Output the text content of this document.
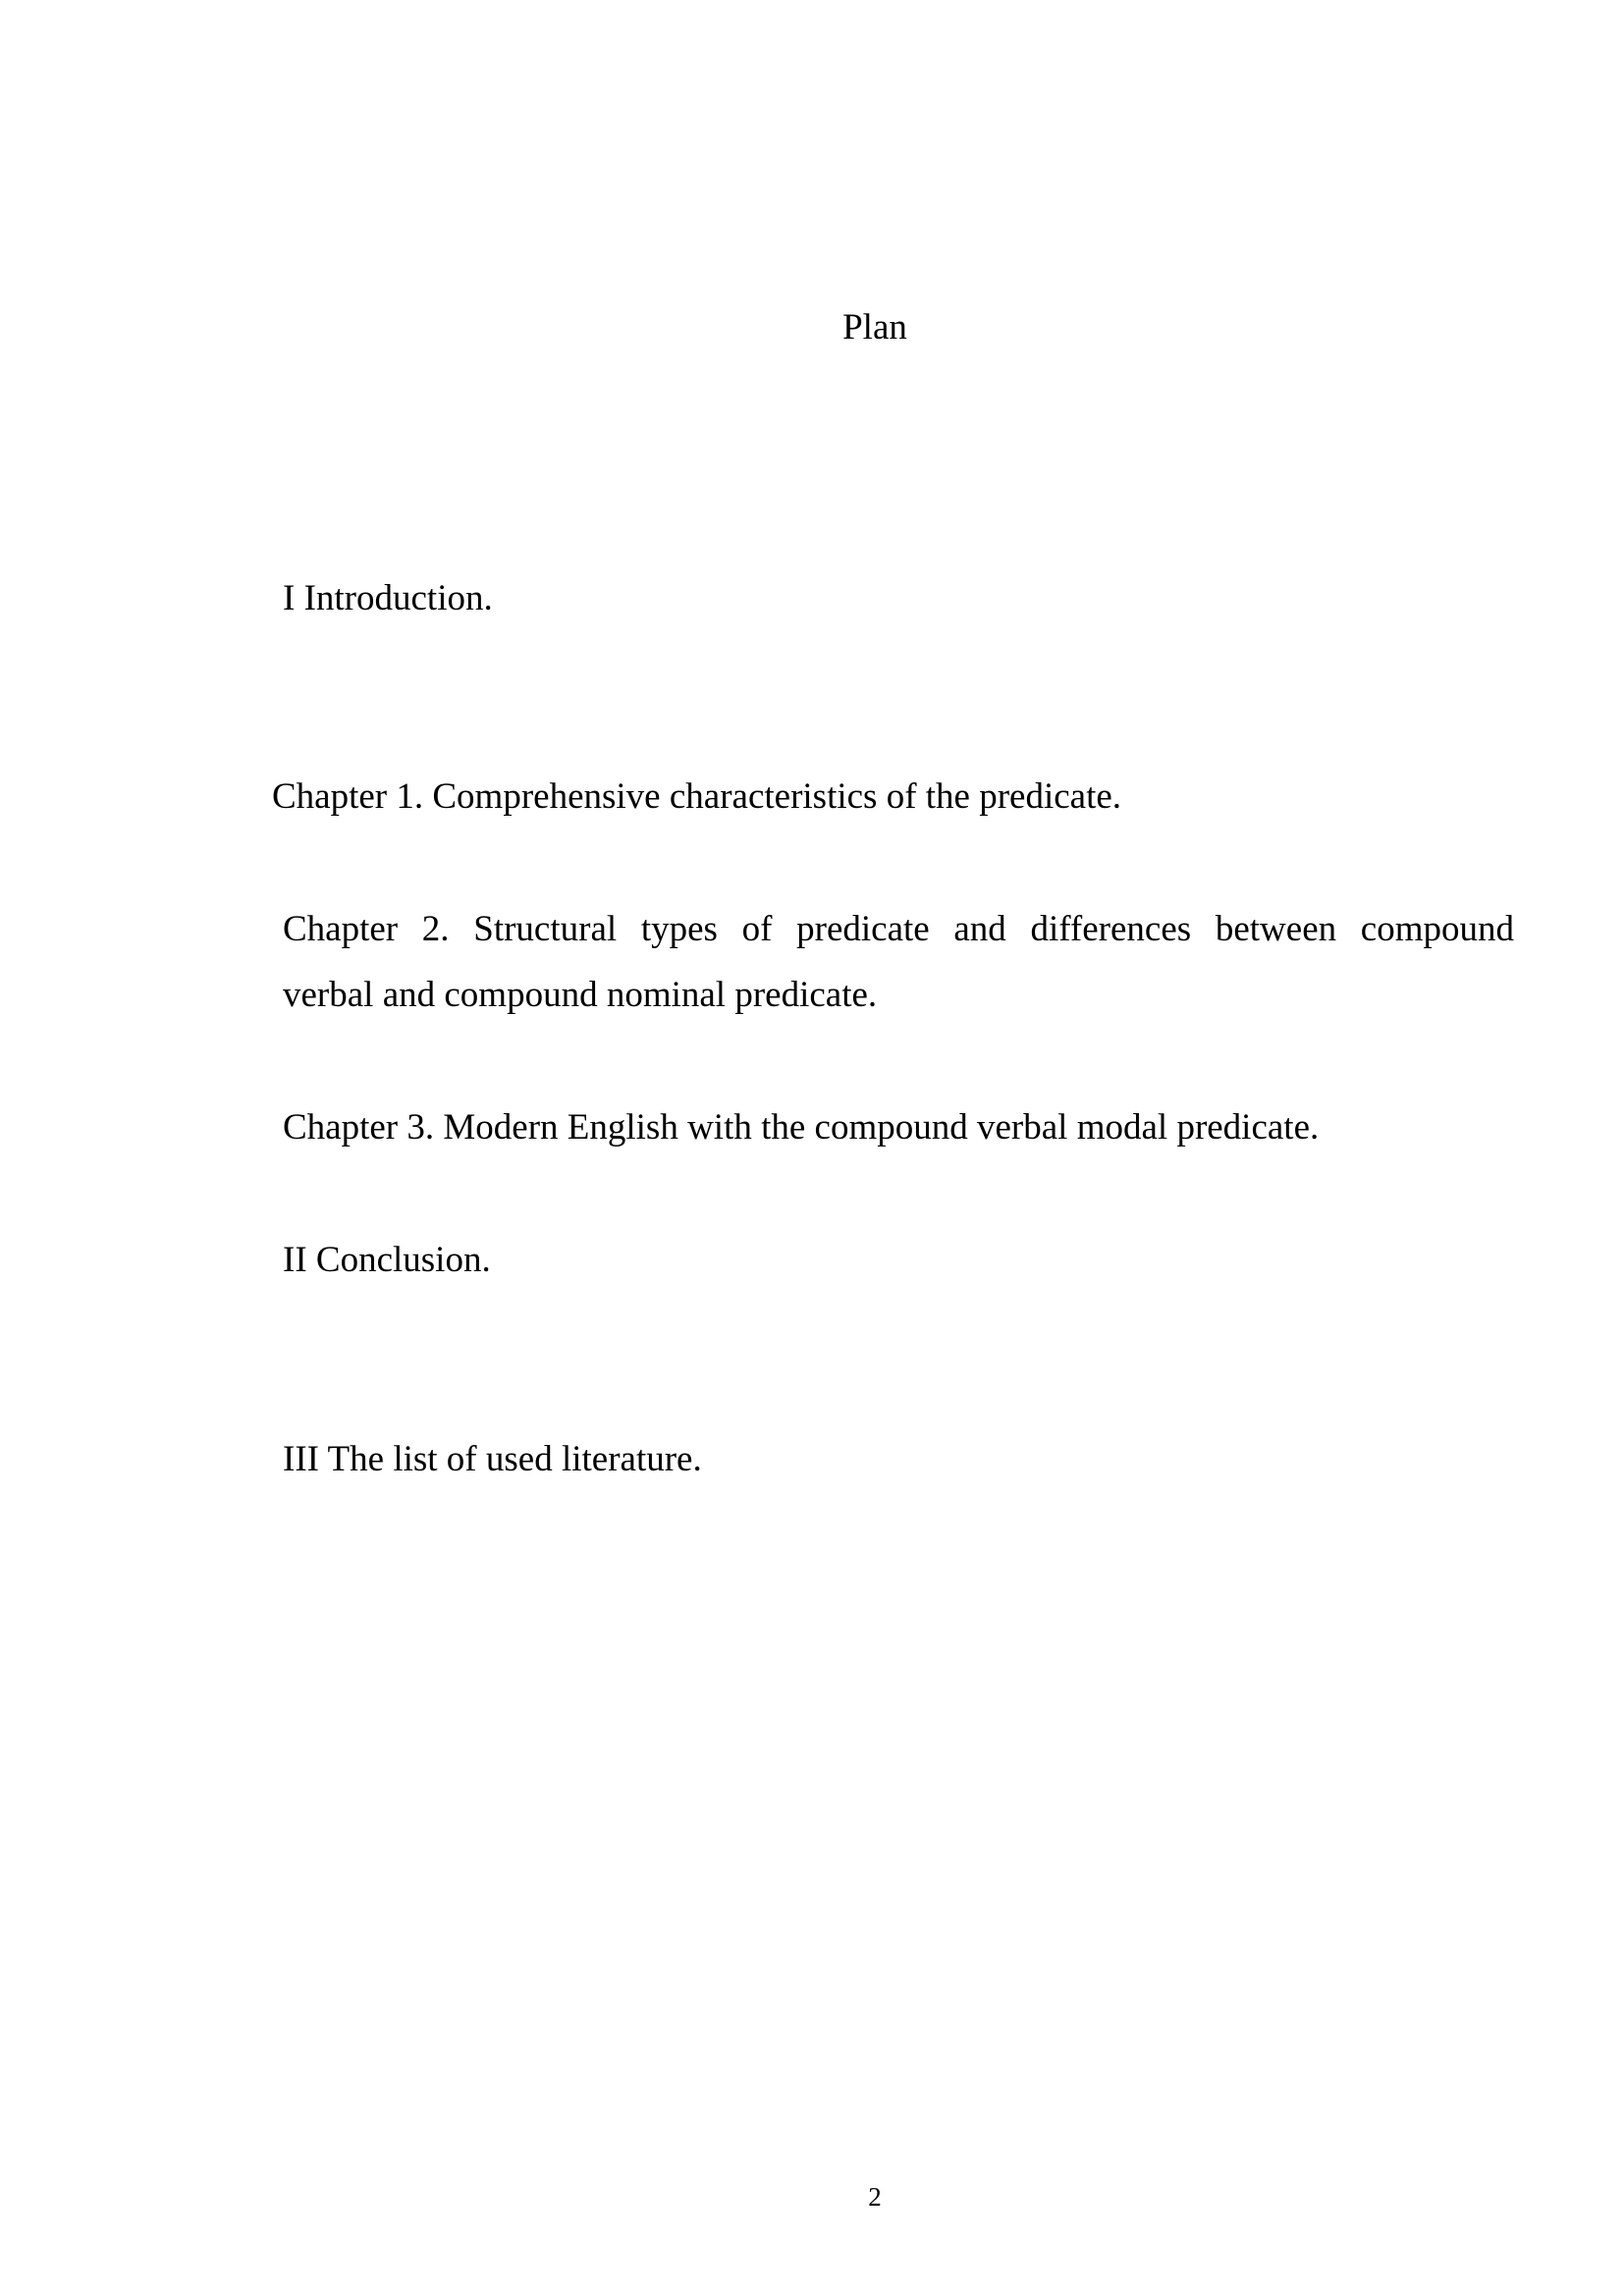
Plan

I Introduction.

Chapter 1. Comprehensive characteristics of the predicate.

Chapter 2. Structural types of predicate and differences between compound
verbal and compound nominal predicate.

Chapter 3. Modern English with the compound verbal modal predicate.

II Conclusion.

III The list of used literature.

2
